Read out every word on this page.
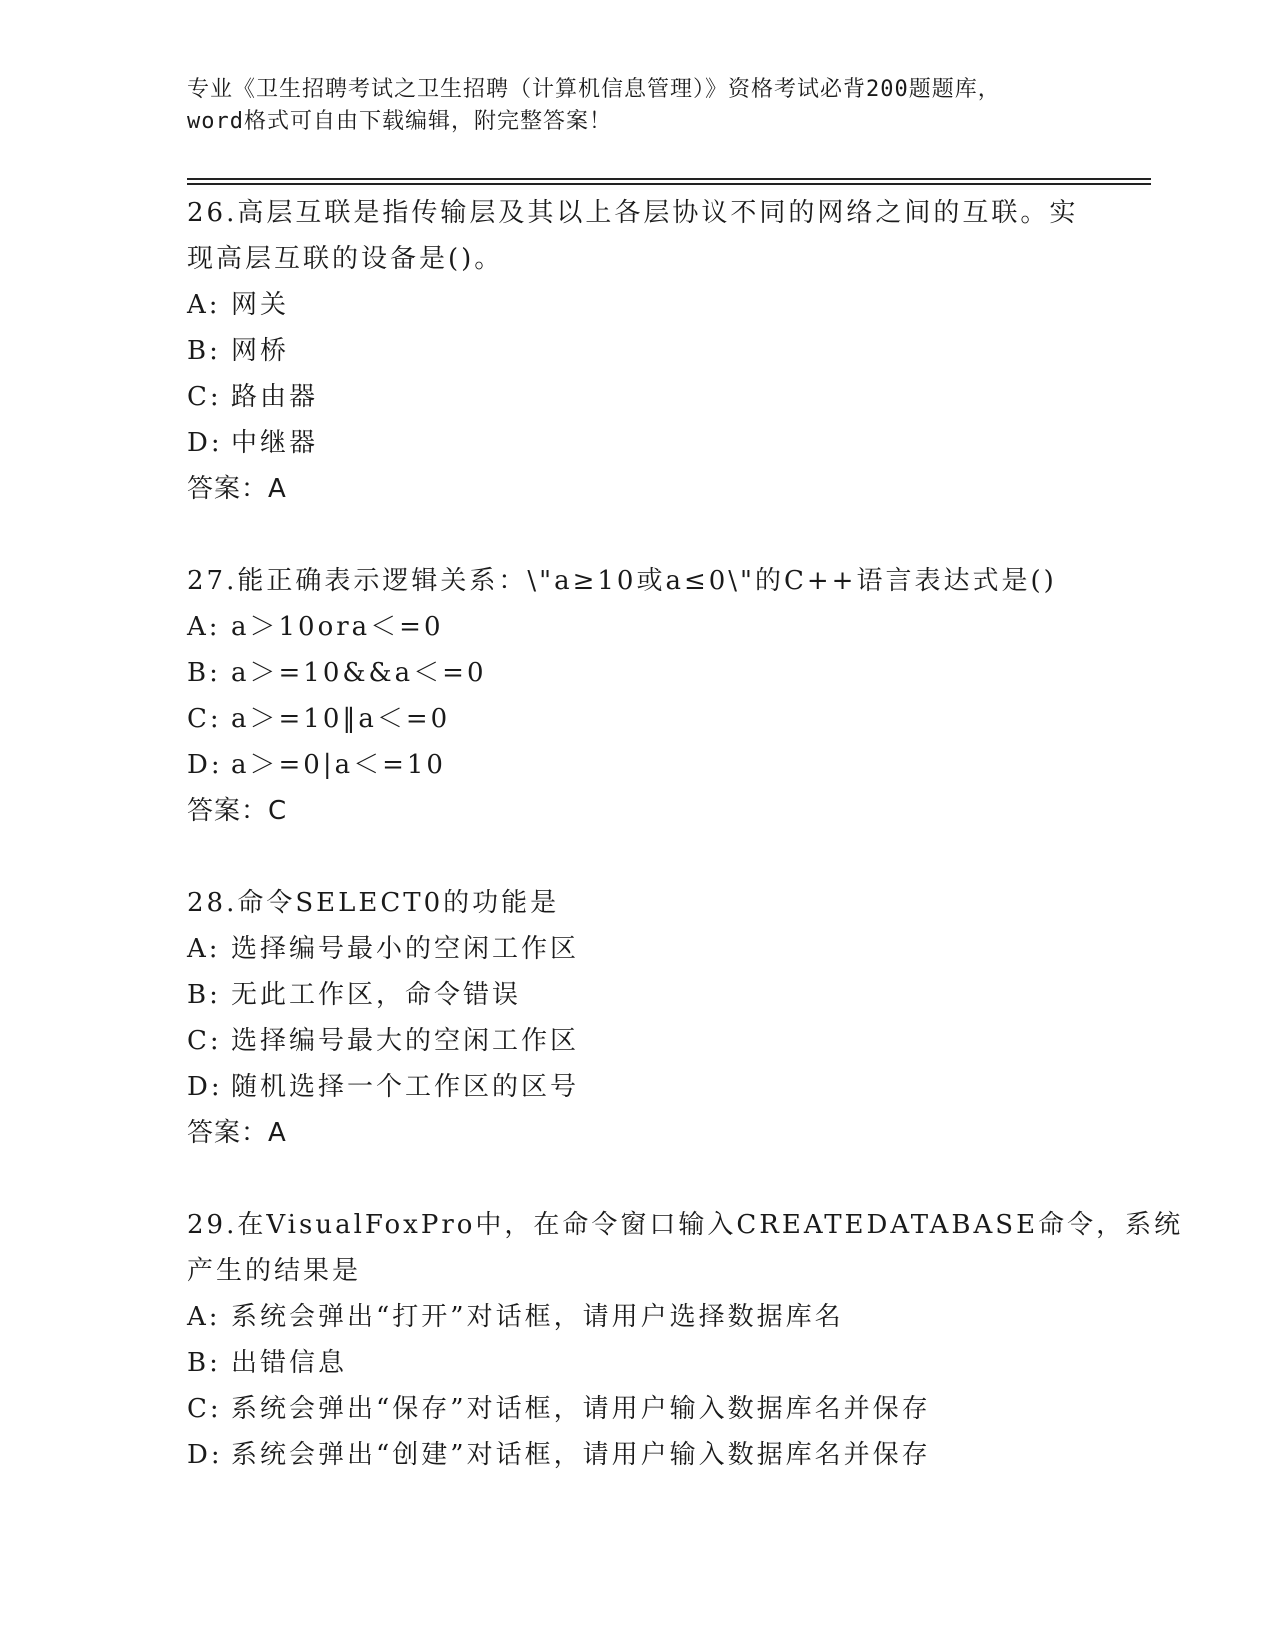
专业《卫生招聘考试之卫生招聘（计算机信息管理）》资格考试必背200题题库，
word格式可自由下载编辑，附完整答案！
26.高层互联是指传输层及其以上各层协议不同的网络之间的互联。实
现高层互联的设备是()。
A: 网关
B: 网桥
C: 路由器
D: 中继器
答案：A
27.能正确表示逻辑关系：\"a≥10或a≤0\"的C++语言表达式是()
A: a＞10ora＜=0
B: a＞=10&&a＜=0
C: a＞=10‖a＜=0
D: a＞=0|a＜=10
答案：C
28.命令SELECT0的功能是
A: 选择编号最小的空闲工作区
B: 无此工作区，命令错误
C: 选择编号最大的空闲工作区
D: 随机选择一个工作区的区号
答案：A
29.在VisualFoxPro中，在命令窗口输入CREATEDATABASE命令，系统
产生的结果是
A: 系统会弹出“打开”对话框，请用户选择数据库名
B: 出错信息
C: 系统会弹出“保存”对话框，请用户输入数据库名并保存
D: 系统会弹出“创建”对话框，请用户输入数据库名并保存
